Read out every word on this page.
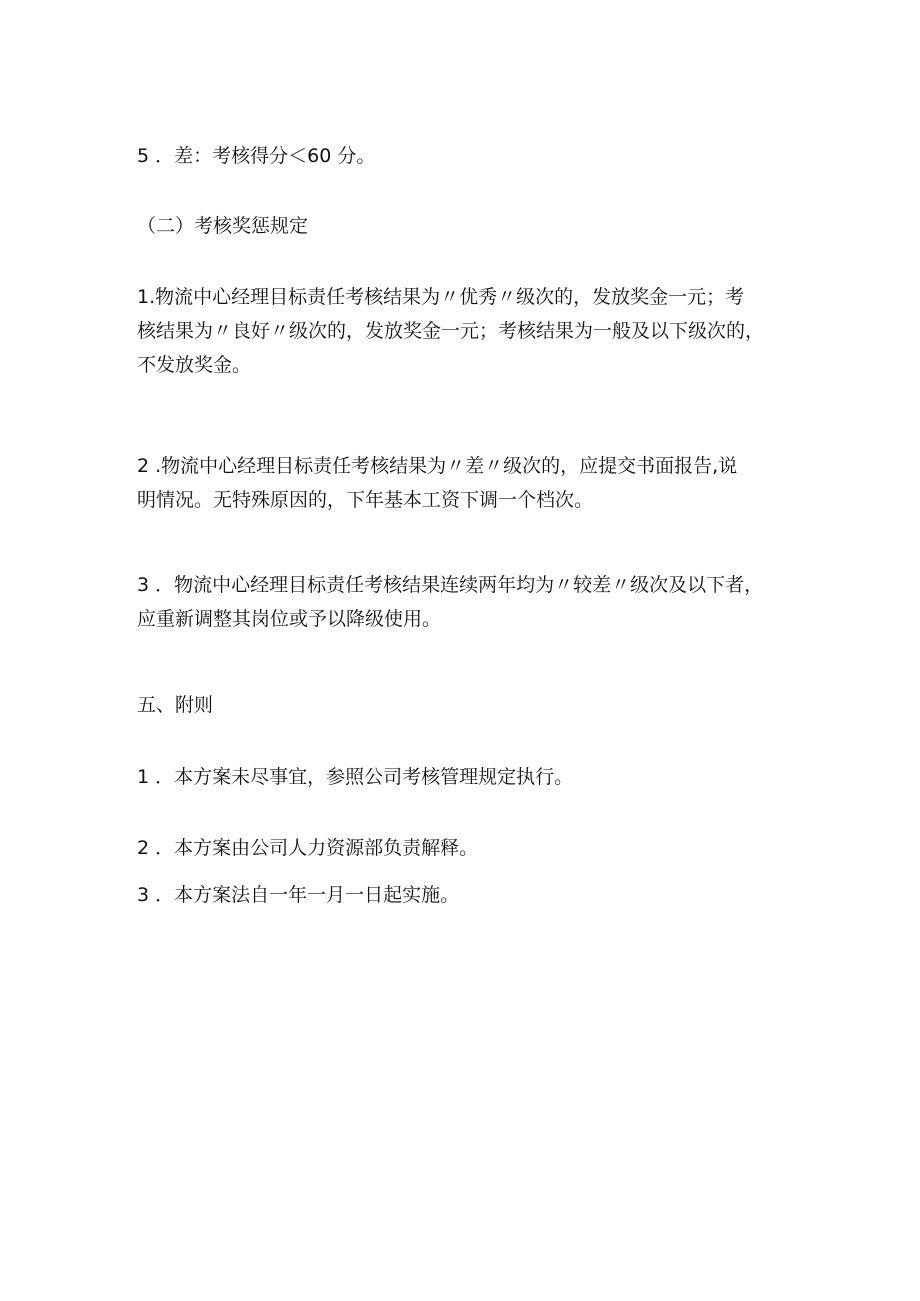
5 ．差：考核得分＜60 分。

（二）考核奖惩规定

1.物流中心经理目标责任考核结果为〃优秀〃级次的，发放奖金一元；考
核结果为〃良好〃级次的，发放奖金一元；考核结果为一般及以下级次的，
不发放奖金。

2 .物流中心经理目标责任考核结果为〃差〃级次的，应提交书面报告,说
明情况。无特殊原因的，下年基本工资下调一个档次。

3 ．物流中心经理目标责任考核结果连续两年均为〃较差〃级次及以下者，
应重新调整其岗位或予以降级使用。

五、附则

1 ．本方案未尽事宜，参照公司考核管理规定执行。

2 ．本方案由公司人力资源部负责解释。

3 ．本方案法自一年一月一日起实施。
